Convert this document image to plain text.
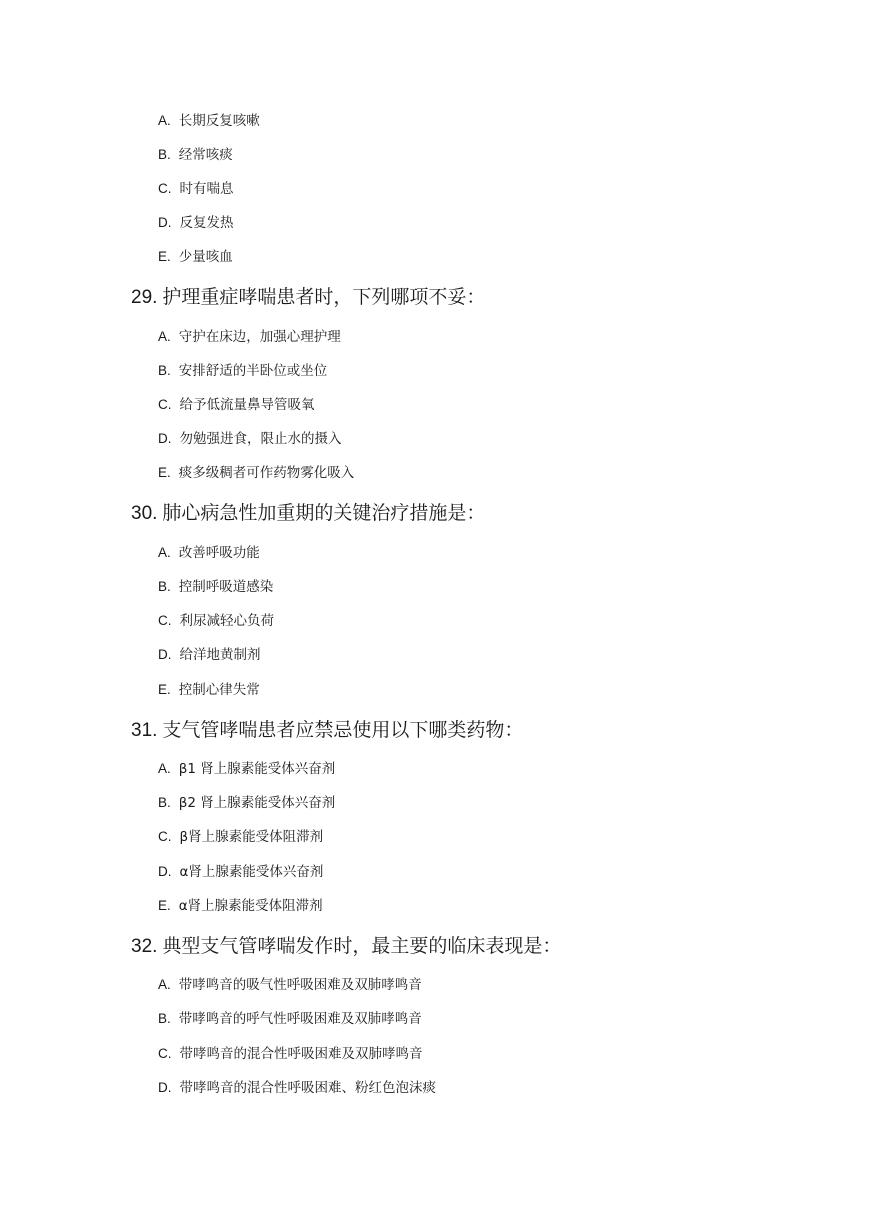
A. 长期反复咳嗽
B. 经常咳痰
C. 时有喘息
D. 反复发热
E. 少量咳血
29. 护理重症哮喘患者时，下列哪项不妥：
A. 守护在床边，加强心理护理
B. 安排舒适的半卧位或坐位
C. 给予低流量鼻导管吸氧
D. 勿勉强进食，限止水的摄入
E. 痰多级稠者可作药物雾化吸入
30. 肺心病急性加重期的关键治疗措施是：
A. 改善呼吸功能
B. 控制呼吸道感染
C. 利尿减轻心负荷
D. 给洋地黄制剂
E. 控制心律失常
31. 支气管哮喘患者应禁忌使用以下哪类药物：
A. β1 肾上腺素能受体兴奋剂
B. β2 肾上腺素能受体兴奋剂
C. β肾上腺素能受体阻滞剂
D. α肾上腺素能受体兴奋剂
E. α肾上腺素能受体阻滞剂
32. 典型支气管哮喘发作时，最主要的临床表现是：
A. 带哮鸣音的吸气性呼吸困难及双肺哮鸣音
B. 带哮鸣音的呼气性呼吸困难及双肺哮鸣音
C. 带哮鸣音的混合性呼吸困难及双肺哮鸣音
D. 带哮鸣音的混合性呼吸困难、粉红色泡沫痰
